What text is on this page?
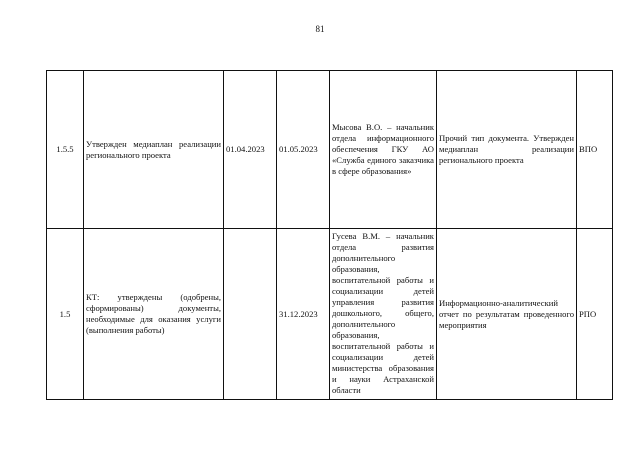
81
1.5.5	Утвержден медиаплан реализации регионального проекта	01.04.2023	01.05.2023	Мысова В.О. – начальник отдела информационного обеспечения ГКУ АО «Служба единого заказчика в сфере образования»	Прочий тип документа. Утвержден медиаплан реализации регионального проекта	ВПО
1.5	КТ: утверждены (одобрены, сформированы) документы, необходимые для оказания услуги (выполнения работы)		31.12.2023	Гусева В.М. – начальник отдела развития дополнительного образования, воспитательной работы и социализации детей управления развития дошкольного, общего, дополнительного образования, воспитательной работы и социализации детей министерства образования и науки Астраханской области	Информационно-аналитический отчет по результатам проведенного мероприятия	РПО
